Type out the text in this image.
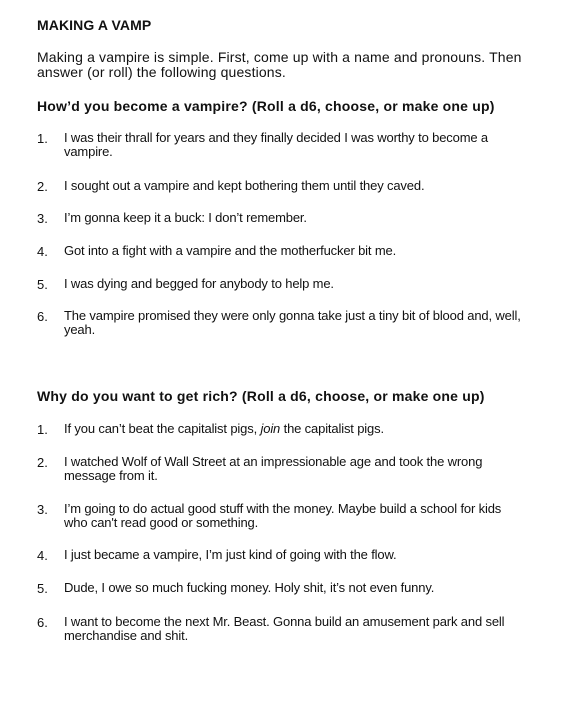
MAKING A VAMP
Making a vampire is simple. First, come up with a name and pronouns. Then answer (or roll) the following questions.
How’d you become a vampire? (Roll a d6, choose, or make one up)
1. I was their thrall for years and they finally decided I was worthy to become a vampire.
2. I sought out a vampire and kept bothering them until they caved.
3. I’m gonna keep it a buck: I don’t remember.
4. Got into a fight with a vampire and the motherfucker bit me.
5. I was dying and begged for anybody to help me.
6. The vampire promised they were only gonna take just a tiny bit of blood and, well, yeah.
Why do you want to get rich? (Roll a d6, choose, or make one up)
1. If you can’t beat the capitalist pigs, join the capitalist pigs.
2. I watched Wolf of Wall Street at an impressionable age and took the wrong message from it.
3. I’m going to do actual good stuff with the money. Maybe build a school for kids who can't read good or something.
4. I just became a vampire, I’m just kind of going with the flow.
5. Dude, I owe so much fucking money. Holy shit, it’s not even funny.
6. I want to become the next Mr. Beast. Gonna build an amusement park and sell merchandise and shit.
